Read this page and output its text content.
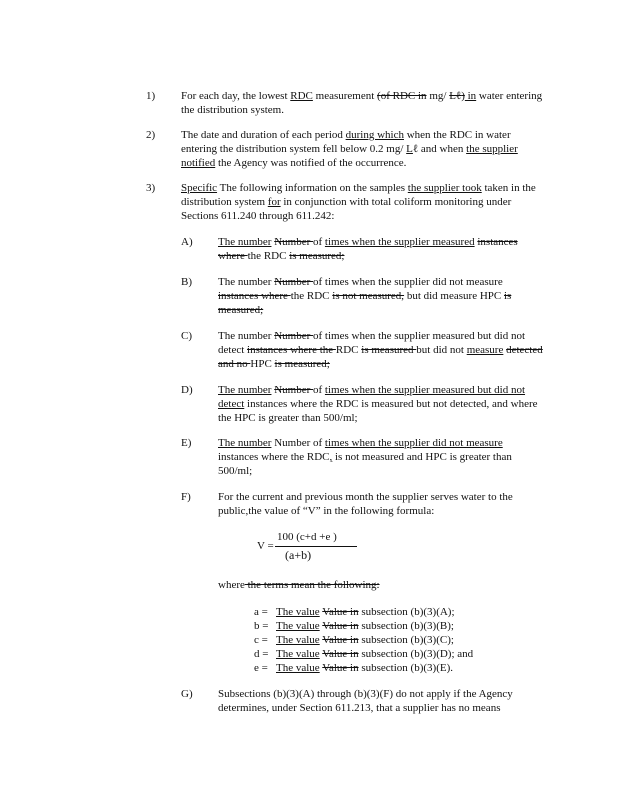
1) For each day, the lowest RDC measurement (of RDC in mg/ Lℓ) in water entering the distribution system.
2) The date and duration of each period during which when the RDC in water entering the distribution system fell below 0.2 mg/ Lℓ and when the supplier notified the Agency was notified of the occurrence.
3) Specific The following information on the samples the supplier took taken in the distribution system for in conjunction with total coliform monitoring under Sections 611.240 through 611.242:
A) The number Number of times when the supplier measured instances where the RDC is measured;
B) The number Number of times when the supplier did not measure instances where the RDC is not measured, but did measure HPC is measured;
C) The number Number of times when the supplier measured but did not detect instances where the RDC is measured but did not measure detected and no HPC is measured;
D) The number Number of times when the supplier measured but did not detect instances where the RDC is measured but not detected, and where the HPC is greater than 500/ml;
E) The number Number of times when the supplier did not measure instances where the RDC, is not measured and HPC is greater than 500/ml;
F) For the current and previous month the supplier serves water to the public,the value of “V” in the following formula:
V =
100 (c+d +e )
(a+b)
where the terms mean the following:
a = The value Value in subsection (b)(3)(A);
b = The value Value in subsection (b)(3)(B);
c = The value Value in subsection (b)(3)(C);
d = The value Value in subsection (b)(3)(D); and
e = The value Value in subsection (b)(3)(E).
G) Subsections (b)(3)(A) through (b)(3)(F) do not apply if the Agency determines, under Section 611.213, that a supplier has no means
